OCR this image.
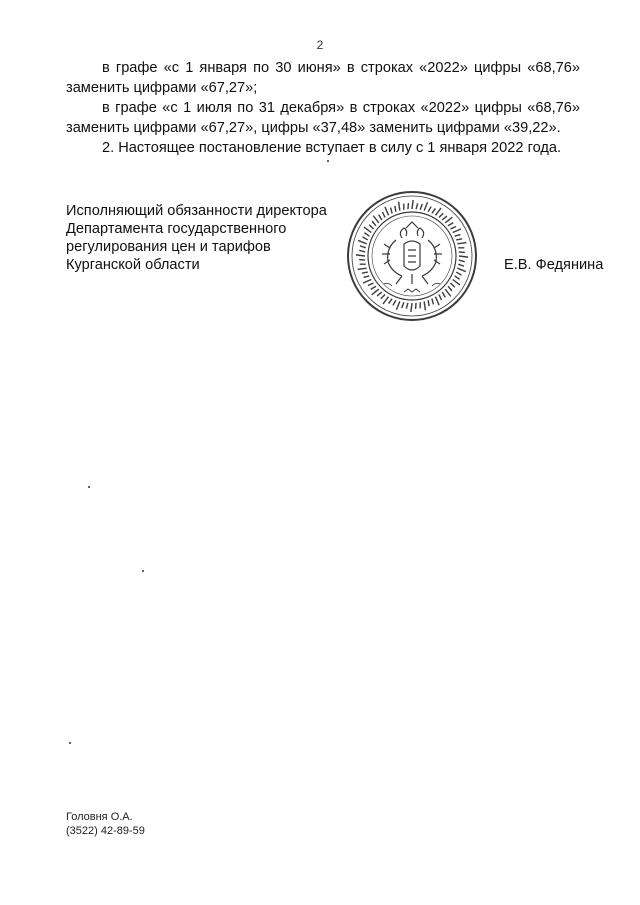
2

в графе «с 1 января по 30 июня» в строках «2022» цифры «68,76» заменить цифрами «67,27»;

в графе «с 1 июля по 31 декабря» в строках «2022» цифры «68,76» заменить цифрами «67,27», цифры «37,48» заменить цифрами «39,22».

2. Настоящее постановление вступает в силу с 1 января 2022 года.

Исполняющий обязанности директора
Департамента государственного
регулирования цен и тарифов
Курганской области	Е.В. Федянина
Головня О.А.
(3522) 42-89-59
